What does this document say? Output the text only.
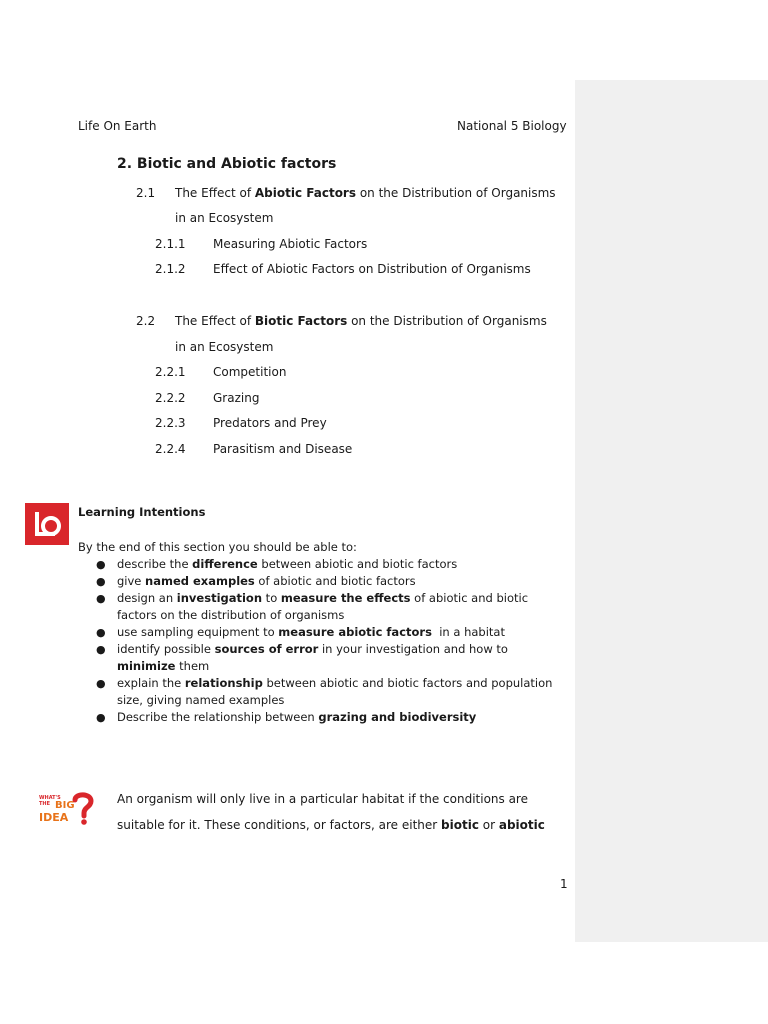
Life On Earth	National 5 Biology
2. Biotic and Abiotic factors
2.1 The Effect of Abiotic Factors on the Distribution of Organisms
in an Ecosystem
2.1.1 Measuring Abiotic Factors
2.1.2 Effect of Abiotic Factors on Distribution of Organisms
2.2 The Effect of Biotic Factors on the Distribution of Organisms
in an Ecosystem
2.2.1 Competition
2.2.2 Grazing
2.2.3 Predators and Prey
2.2.4 Parasitism and Disease
Learning Intentions
By the end of this section you should be able to:
● describe the difference between abiotic and biotic factors
● give named examples of abiotic and biotic factors
● design an investigation to measure the effects of abiotic and biotic factors on the distribution of organisms
● use sampling equipment to measure abiotic factors  in a habitat
● identify possible sources of error in your investigation and how to minimize them
● explain the relationship between abiotic and biotic factors and population size, giving named examples
● Describe the relationship between grazing and biodiversity
WHAT'S
THE BIG
IDEA
An organism will only live in a particular habitat if the conditions are
suitable for it. These conditions, or factors, are either biotic or abiotic
1
